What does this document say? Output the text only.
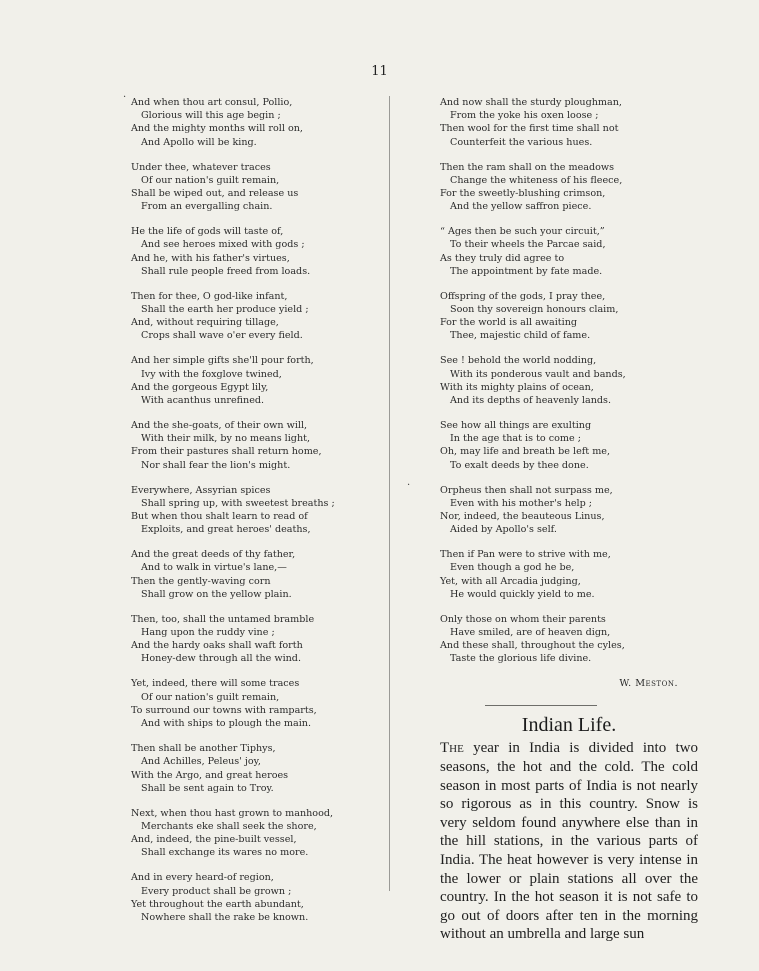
11
And when thou art consul, Pollio,
Glorious will this age begin ;
And the mighty months will roll on,
And Apollo will be king.
Under thee, whatever traces
Of our nation's guilt remain,
Shall be wiped out, and release us
From an evergalling chain.
He the life of gods will taste of,
And see heroes mixed with gods ;
And he, with his father's virtues,
Shall rule people freed from loads.
Then for thee, O god-like infant,
Shall the earth her produce yield ;
And, without requiring tillage,
Crops shall wave o'er every field.
And her simple gifts she'll pour forth,
Ivy with the foxglove twined,
And the gorgeous Egypt lily,
With acanthus unrefined.
And the she-goats, of their own will,
With their milk, by no means light,
From their pastures shall return home,
Nor shall fear the lion's might.
Everywhere, Assyrian spices
Shall spring up, with sweetest breaths ;
But when thou shalt learn to read of
Exploits, and great heroes' deaths,
And the great deeds of thy father,
And to walk in virtue's lane,—
Then the gently-waving corn
Shall grow on the yellow plain.
Then, too, shall the untamed bramble
Hang upon the ruddy vine ;
And the hardy oaks shall waft forth
Honey-dew through all the wind.
Yet, indeed, there will some traces
Of our nation's guilt remain,
To surround our towns with ramparts,
And with ships to plough the main.
Then shall be another Tiphys,
And Achilles, Peleus' joy,
With the Argo, and great heroes
Shall be sent again to Troy.
Next, when thou hast grown to manhood,
Merchants eke shall seek the shore,
And, indeed, the pine-built vessel,
Shall exchange its wares no more.
And in every heard-of region,
Every product shall be grown ;
Yet throughout the earth abundant,
Nowhere shall the rake be known.
And now shall the sturdy ploughman,
From the yoke his oxen loose ;
Then wool for the first time shall not
Counterfeit the various hues.
Then the ram shall on the meadows
Change the whiteness of his fleece,
For the sweetly-blushing crimson,
And the yellow saffron piece.
“ Ages then be such your circuit,”
To their wheels the Parcae said,
As they truly did agree to
The appointment by fate made.
Offspring of the gods, I pray thee,
Soon thy sovereign honours claim,
For the world is all awaiting
Thee, majestic child of fame.
See ! behold the world nodding,
With its ponderous vault and bands,
With its mighty plains of ocean,
And its depths of heavenly lands.
See how all things are exulting
In the age that is to come ;
Oh, may life and breath be left me,
To exalt deeds by thee done.
Orpheus then shall not surpass me,
Even with his mother's help ;
Nor, indeed, the beauteous Linus,
Aided by Apollo's self.
Then if Pan were to strive with me,
Even though a god he be,
Yet, with all Arcadia judging,
He would quickly yield to me.
Only those on whom their parents
Have smiled, are of heaven dign,
And these shall, throughout the cyles,
Taste the glorious life divine.
W. Meston.
Indian Life.
The year in India is divided into two seasons, the hot and the cold. The cold season in most parts of India is not nearly so rigorous as in this country. Snow is very seldom found anywhere else than in the hill stations, in the various parts of India. The heat however is very intense in the lower or plain stations all over the country. In the hot season it is not safe to go out of doors after ten in the morning without an umbrella and large sun
·
·
